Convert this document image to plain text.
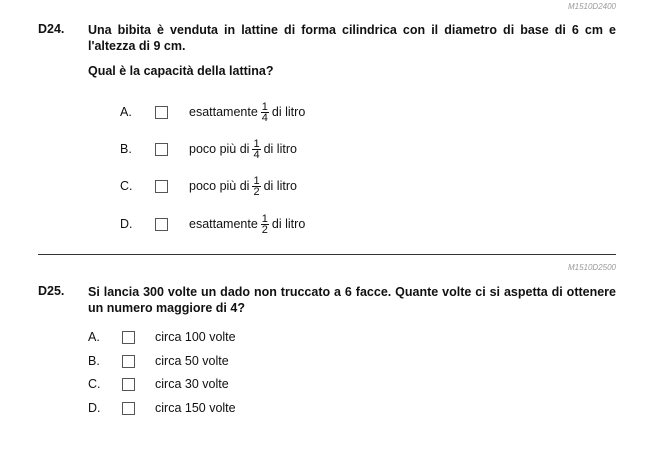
M1510D2400
D24. Una bibita è venduta in lattine di forma cilindrica con il diametro di base di 6 cm e l'altezza di 9 cm.
Qual è la capacità della lattina?
A.	esattamente $\frac{1}{4}$ di litro
B.	poco più di $\frac{1}{4}$ di litro
C.	poco più di $\frac{1}{2}$ di litro
D.	esattamente $\frac{1}{2}$ di litro
M1510D2500
D25. Si lancia 300 volte un dado non truccato a 6 facce. Quante volte ci si aspetta di ottenere un numero maggiore di 4?
A.	circa 100 volte
B.	circa 50 volte
C.	circa 30 volte
D.	circa 150 volte
